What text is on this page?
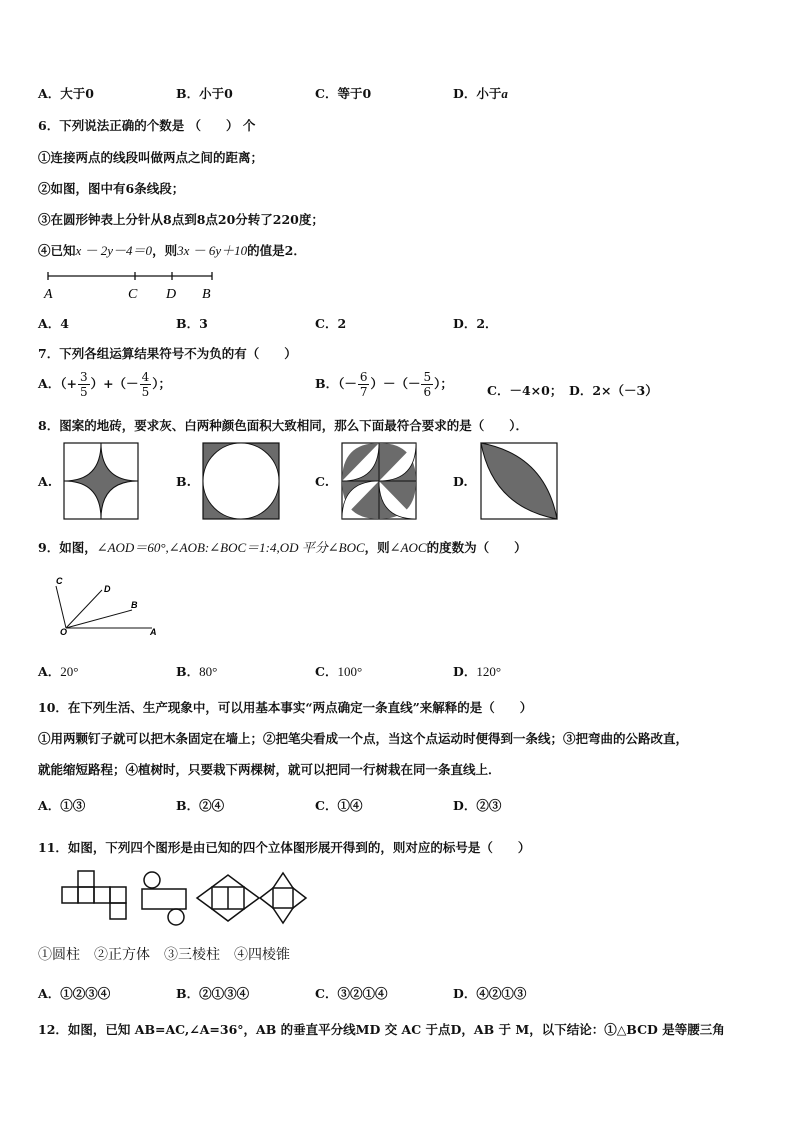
A．大于0	B．小于0	C．等于0	D．小于a
6．下列说法正确的个数是 （　　） 个
①连接两点的线段叫做两点之间的距离；
②如图，图中有6条线段；
③在圆形钟表上分针从8点到8点20分转了220度；
④已知x － 2y－4＝0，则3x － 6y＋10的值是2．
A	C D B
A．4	B．3	C．2	D．2．
7．下列各组运算结果符号不为负的有（　　）
A．（+ $\frac{3}{5}$ ）+（－ $\frac{4}{5}$ ）；	B．（－ $\frac{6}{7}$ ）－（－ $\frac{5}{6}$ ）；	C．－4×0； D．2×（－3）
8．图案的地砖，要求灰、白两种颜色面积大致相同，那么下面最符合要求的是（　　）．
A.	B.	C.	D.
9．如图，∠AOD＝60°,∠AOB:∠BOC＝1:4,OD 平分∠BOC，则∠AOC的度数为（　　）
C
D
B
O	A
A．20°	B．80°	C．100°	D．120°
10．在下列生活、生产现象中，可以用基本事实“两点确定一条直线”来解释的是（　　）
①用两颗钉子就可以把木条固定在墙上；②把笔尖看成一个点，当这个点运动时便得到一条线；③把弯曲的公路改直，
就能缩短路程；④植树时，只要栽下两棵树，就可以把同一行树栽在同一条直线上．
A．①③	B．②④	C．①④	D．②③
11．如图，下列四个图形是由已知的四个立体图形展开得到的，则对应的标号是（　　）
①圆柱　②正方体　③三棱柱　④四棱锥
A．①②③④	B．②①③④	C．③②①④	D．④②①③
12．如图，已知 AB=AC,∠A=36°，AB 的垂直平分线MD 交 AC 于点D，AB 于 M，以下结论：①△BCD 是等腰三角
